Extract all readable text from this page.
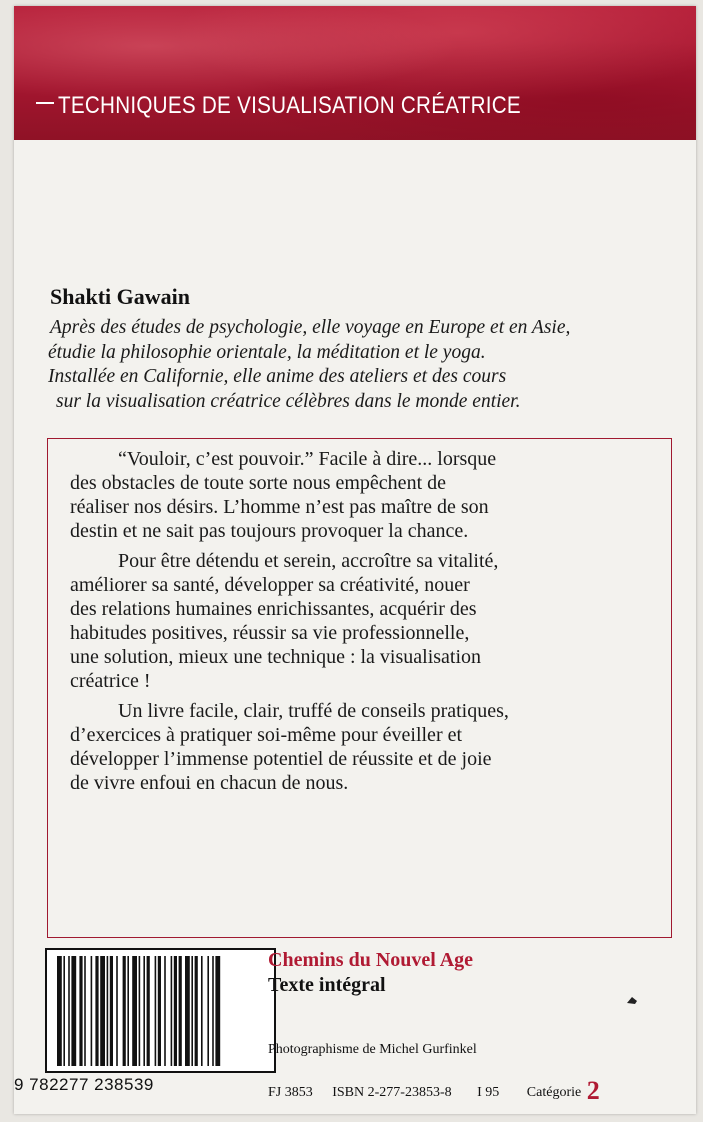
TECHNIQUES DE VISUALISATION CRÉATRICE
Shakti Gawain
Après des études de psychologie, elle voyage en Europe et en Asie,
étudie la philosophie orientale, la méditation et le yoga.
Installée en Californie, elle anime des ateliers et des cours
sur la visualisation créatrice célèbres dans le monde entier.

“Vouloir, c’est pouvoir.” Facile à dire... lorsque
des obstacles de toute sorte nous empêchent de
réaliser nos désirs. L’homme n’est pas maître de son
destin et ne sait pas toujours provoquer la chance.

Pour être détendu et serein, accroître sa vitalité,
améliorer sa santé, développer sa créativité, nouer
des relations humaines enrichissantes, acquérir des
habitudes positives, réussir sa vie professionnelle,
une solution, mieux une technique : la visualisation
créatrice !

Un livre facile, clair, truffé de conseils pratiques,
d’exercices à pratiquer soi-même pour éveiller et
développer l’immense potentiel de réussite et de joie
de vivre enfoui en chacun de nous.

9 782277 238539
Chemins du Nouvel Age
Texte intégral
Photographisme de Michel Gurfinkel
FJ 3853 ISBN 2-277-23853-8 I 95 Catégorie 2
